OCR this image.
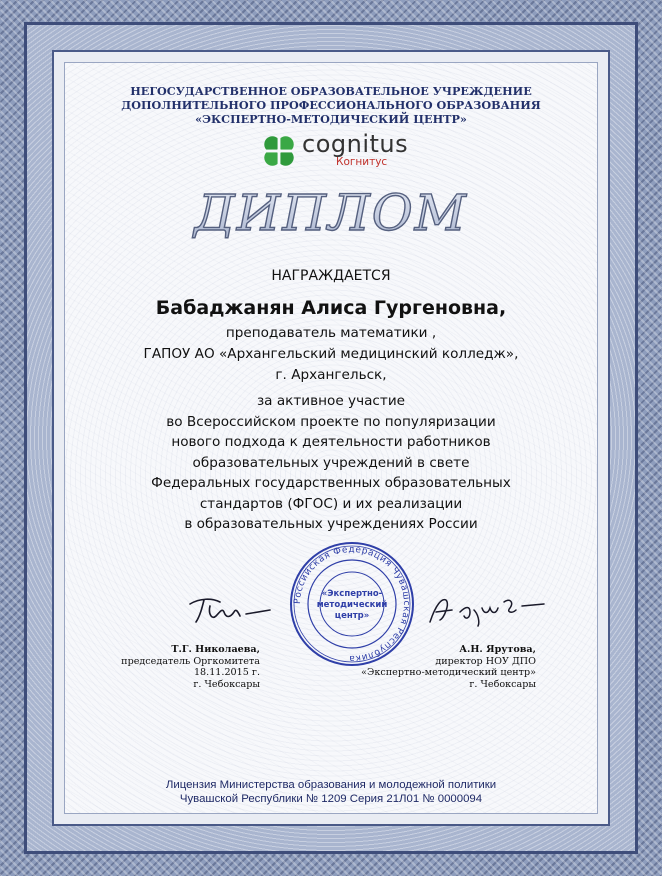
НЕГОСУДАРСТВЕННОЕ ОБРАЗОВАТЕЛЬНОЕ УЧРЕЖДЕНИЕ
ДОПОЛНИТЕЛЬНОГО ПРОФЕССИОНАЛЬНОГО ОБРАЗОВАНИЯ
«ЭКСПЕРТНО-МЕТОДИЧЕСКИЙ ЦЕНТР»
cognitus
Когнитус
ДИПЛОМ
НАГРАЖДАЕТСЯ
Бабаджанян Алиса Гургеновна,
преподаватель математики ,
ГАПОУ АО «Архангельский медицинский колледж»,
г. Архангельск,
за активное участие
во Всероссийском проекте по популяризации
нового подхода к деятельности работников
образовательных учреждений в свете
Федеральных государственных образовательных
стандартов (ФГОС) и их реализации
в образовательных учреждениях России
Российская Федерация Чувашская Республика
«Экспертно-
методический
центр»
Т.Г. Николаева,
председатель Оргкомитета
18.11.2015 г.
г. Чебоксары
А.Н. Ярутова,
директор НОУ ДПО
«Экспертно-методический центр»
г. Чебоксары
Лицензия Министерства образования и молодежной политики
Чувашской Республики № 1209 Серия 21Л01 № 0000094
